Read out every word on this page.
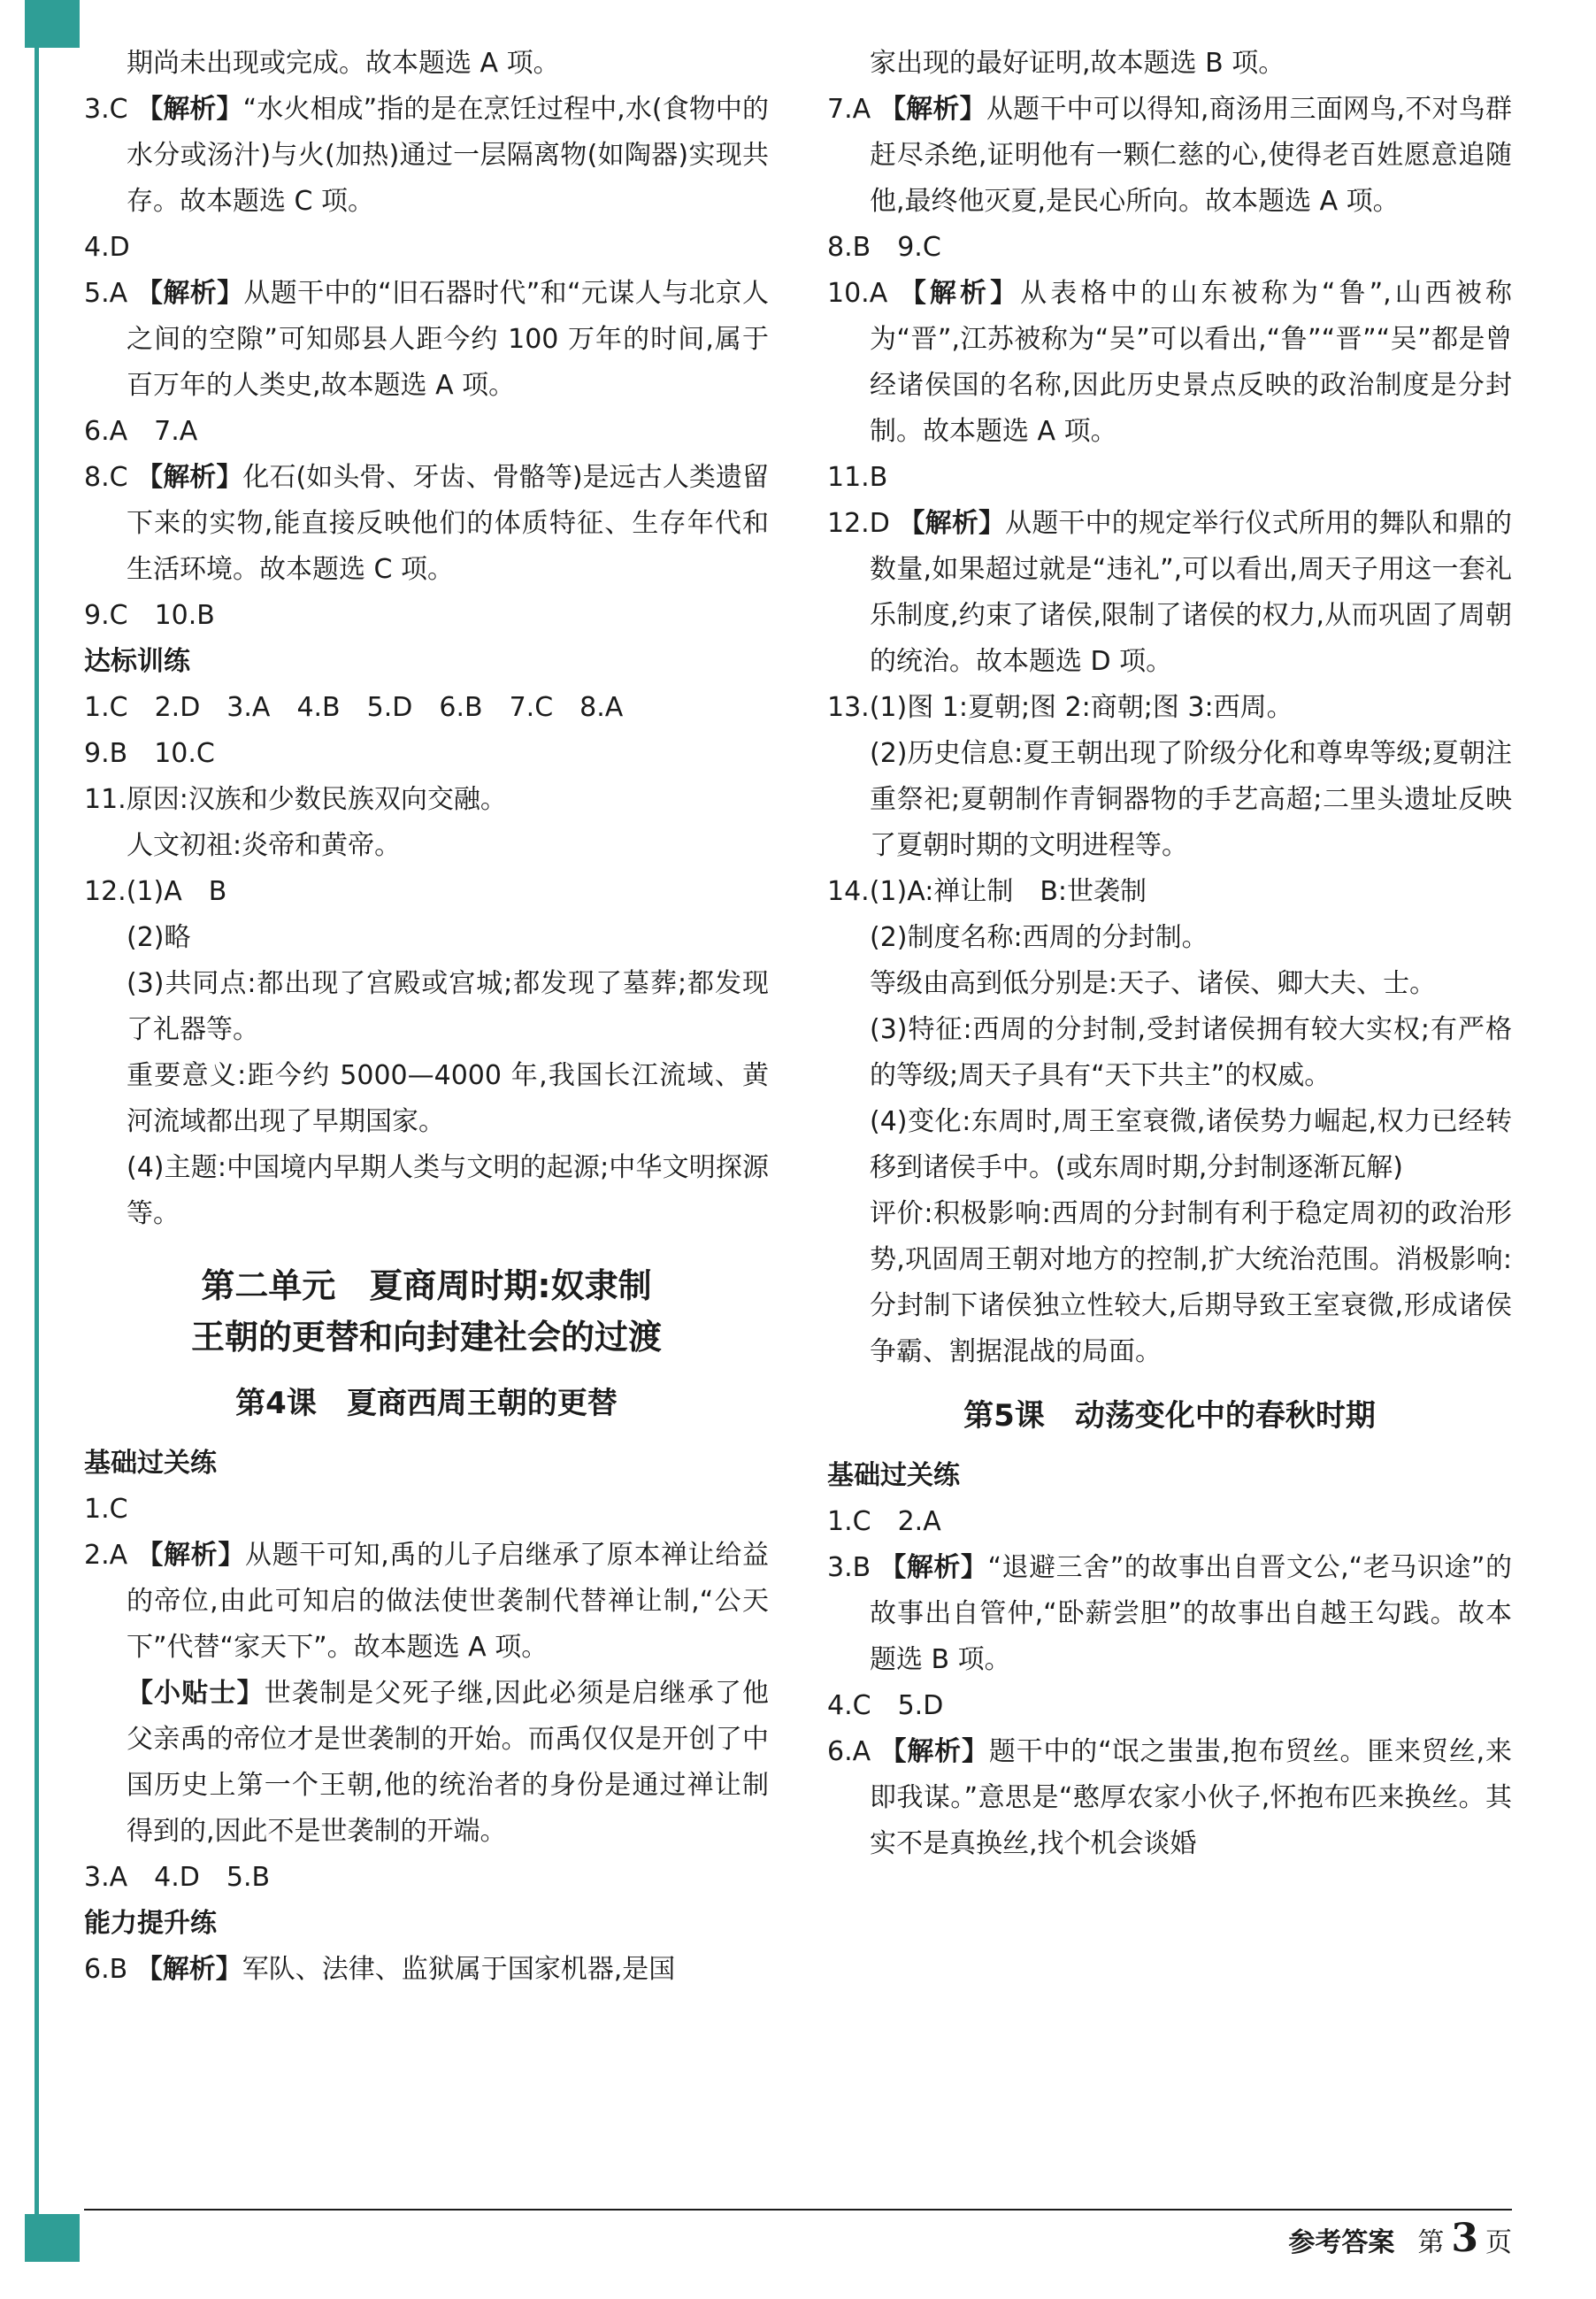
期尚未出现或完成。故本题选 A 项。

3.C 【解析】“水火相成”指的是在烹饪过程中,水(食物中的水分或汤汁)与火(加热)通过一层隔离物(如陶器)实现共存。故本题选 C 项。

4.D

5.A 【解析】从题干中的“旧石器时代”和“元谋人与北京人之间的空隙”可知郧县人距今约 100 万年的时间,属于百万年的人类史,故本题选 A 项。

6.A　7.A

8.C 【解析】化石(如头骨、牙齿、骨骼等)是远古人类遗留下来的实物,能直接反映他们的体质特征、生存年代和生活环境。故本题选 C 项。

9.C　10.B

达标训练

1.C　2.D　3.A　4.B　5.D　6.B　7.C　8.A

9.B　10.C

11.原因:汉族和少数民族双向交融。

人文初祖:炎帝和黄帝。

12.(1)A　B

(2)略

(3)共同点:都出现了宫殿或宫城;都发现了墓葬;都发现了礼器等。

重要意义:距今约 5000—4000 年,我国长江流域、黄河流域都出现了早期国家。

(4)主题:中国境内早期人类与文明的起源;中华文明探源等。

第二单元　夏商周时期:奴隶制
王朝的更替和向封建社会的过渡
第4课　夏商西周王朝的更替
基础过关练

1.C

2.A 【解析】从题干可知,禹的儿子启继承了原本禅让给益的帝位,由此可知启的做法使世袭制代替禅让制,“公天下”代替“家天下”。故本题选 A 项。

【小贴士】世袭制是父死子继,因此必须是启继承了他父亲禹的帝位才是世袭制的开始。而禹仅仅是开创了中国历史上第一个王朝,他的统治者的身份是通过禅让制得到的,因此不是世袭制的开端。

3.A　4.D　5.B

能力提升练

6.B 【解析】军队、法律、监狱属于国家机器,是国

家出现的最好证明,故本题选 B 项。

7.A 【解析】从题干中可以得知,商汤用三面网鸟,不对鸟群赶尽杀绝,证明他有一颗仁慈的心,使得老百姓愿意追随他,最终他灭夏,是民心所向。故本题选 A 项。

8.B　9.C

10.A 【解析】从表格中的山东被称为“鲁”,山西被称为“晋”,江苏被称为“吴”可以看出,“鲁”“晋”“吴”都是曾经诸侯国的名称,因此历史景点反映的政治制度是分封制。故本题选 A 项。

11.B

12.D 【解析】从题干中的规定举行仪式所用的舞队和鼎的数量,如果超过就是“违礼”,可以看出,周天子用这一套礼乐制度,约束了诸侯,限制了诸侯的权力,从而巩固了周朝的统治。故本题选 D 项。

13.(1)图 1:夏朝;图 2:商朝;图 3:西周。

(2)历史信息:夏王朝出现了阶级分化和尊卑等级;夏朝注重祭祀;夏朝制作青铜器物的手艺高超;二里头遗址反映了夏朝时期的文明进程等。

14.(1)A:禅让制　B:世袭制

(2)制度名称:西周的分封制。

等级由高到低分别是:天子、诸侯、卿大夫、士。

(3)特征:西周的分封制,受封诸侯拥有较大实权;有严格的等级;周天子具有“天下共主”的权威。

(4)变化:东周时,周王室衰微,诸侯势力崛起,权力已经转移到诸侯手中。(或东周时期,分封制逐渐瓦解)

评价:积极影响:西周的分封制有利于稳定周初的政治形势,巩固周王朝对地方的控制,扩大统治范围。消极影响:分封制下诸侯独立性较大,后期导致王室衰微,形成诸侯争霸、割据混战的局面。

第5课　动荡变化中的春秋时期
基础过关练

1.C　2.A

3.B 【解析】“退避三舍”的故事出自晋文公,“老马识途”的故事出自管仲,“卧薪尝胆”的故事出自越王勾践。故本题选 B 项。

4.C　5.D

6.A 【解析】题干中的“氓之蚩蚩,抱布贸丝。匪来贸丝,来即我谋。”意思是“憨厚农家小伙子,怀抱布匹来换丝。其实不是真换丝,找个机会谈婚

参考答案 第 3 页
